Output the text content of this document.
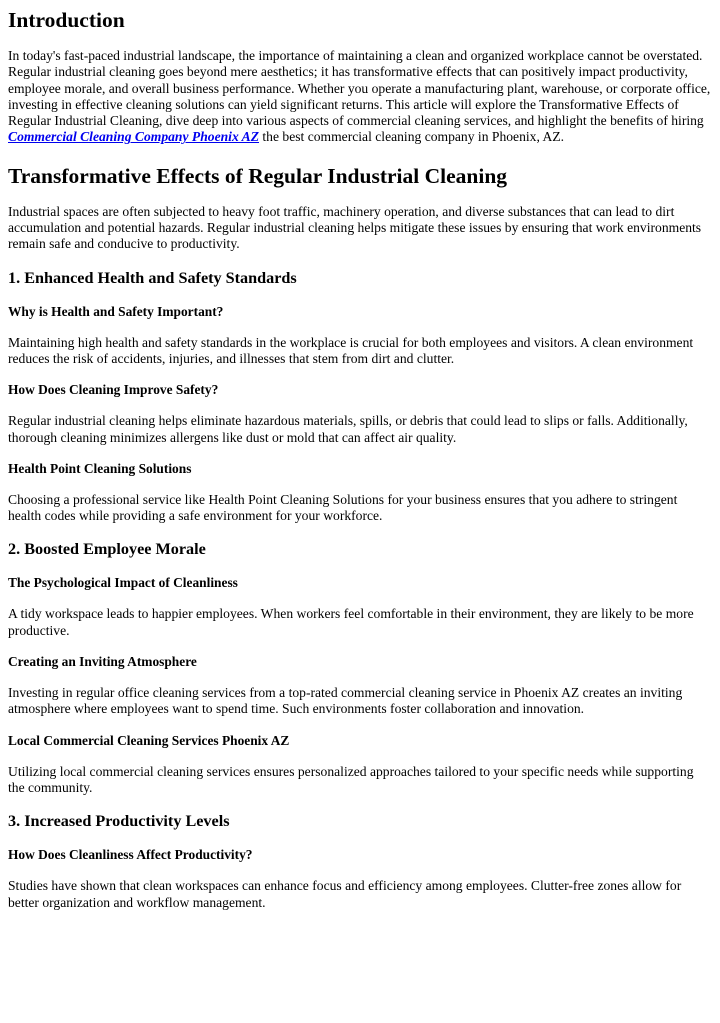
Introduction

In today's fast-paced industrial landscape, the importance of maintaining a clean and organized workplace cannot be overstated. Regular industrial cleaning goes beyond mere aesthetics; it has transformative effects that can positively impact productivity, employee morale, and overall business performance. Whether you operate a manufacturing plant, warehouse, or corporate office, investing in effective cleaning solutions can yield significant returns. This article will explore the Transformative Effects of Regular Industrial Cleaning, dive deep into various aspects of commercial cleaning services, and highlight the benefits of hiring Commercial Cleaning Company Phoenix AZ the best commercial cleaning company in Phoenix, AZ.

Transformative Effects of Regular Industrial Cleaning

Industrial spaces are often subjected to heavy foot traffic, machinery operation, and diverse substances that can lead to dirt accumulation and potential hazards. Regular industrial cleaning helps mitigate these issues by ensuring that work environments remain safe and conducive to productivity.

1. Enhanced Health and Safety Standards
Why is Health and Safety Important?

Maintaining high health and safety standards in the workplace is crucial for both employees and visitors. A clean environment reduces the risk of accidents, injuries, and illnesses that stem from dirt and clutter.

How Does Cleaning Improve Safety?

Regular industrial cleaning helps eliminate hazardous materials, spills, or debris that could lead to slips or falls. Additionally, thorough cleaning minimizes allergens like dust or mold that can affect air quality.

Health Point Cleaning Solutions

Choosing a professional service like Health Point Cleaning Solutions for your business ensures that you adhere to stringent health codes while providing a safe environment for your workforce.

2. Boosted Employee Morale
The Psychological Impact of Cleanliness

A tidy workspace leads to happier employees. When workers feel comfortable in their environment, they are likely to be more productive.

Creating an Inviting Atmosphere

Investing in regular office cleaning services from a top-rated commercial cleaning service in Phoenix AZ creates an inviting atmosphere where employees want to spend time. Such environments foster collaboration and innovation.

Local Commercial Cleaning Services Phoenix AZ

Utilizing local commercial cleaning services ensures personalized approaches tailored to your specific needs while supporting the community.

3. Increased Productivity Levels
How Does Cleanliness Affect Productivity?

Studies have shown that clean workspaces can enhance focus and efficiency among employees. Clutter-free zones allow for better organization and workflow management.
